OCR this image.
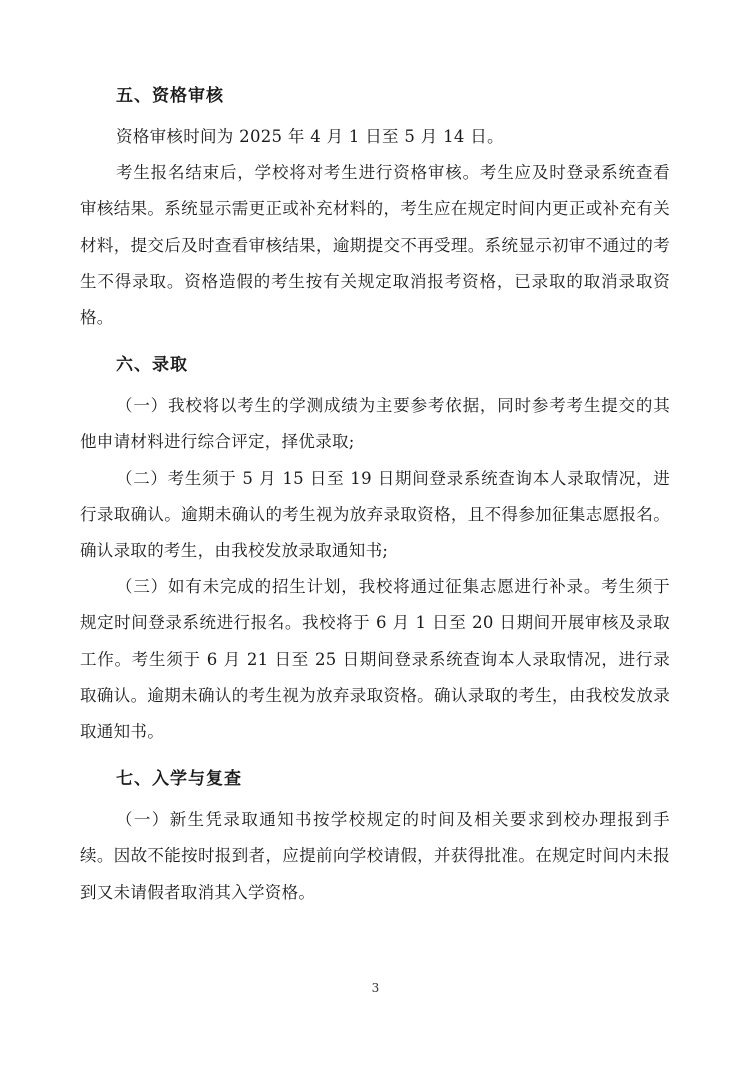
五、资格审核

资格审核时间为 2025 年 4 月 1 日至 5 月 14 日。

考生报名结束后，学校将对考生进行资格审核。考生应及时登录系统查看审核结果。系统显示需更正或补充材料的，考生应在规定时间内更正或补充有关材料，提交后及时查看审核结果，逾期提交不再受理。系统显示初审不通过的考生不得录取。资格造假的考生按有关规定取消报考资格，已录取的取消录取资格。

六、录取

（一）我校将以考生的学测成绩为主要参考依据，同时参考考生提交的其他申请材料进行综合评定，择优录取;

（二）考生须于 5 月 15 日至 19 日期间登录系统查询本人录取情况，进行录取确认。逾期未确认的考生视为放弃录取资格，且不得参加征集志愿报名。确认录取的考生，由我校发放录取通知书;

（三）如有未完成的招生计划，我校将通过征集志愿进行补录。考生须于规定时间登录系统进行报名。我校将于 6 月 1 日至 20 日期间开展审核及录取工作。考生须于 6 月 21 日至 25 日期间登录系统查询本人录取情况，进行录取确认。逾期未确认的考生视为放弃录取资格。确认录取的考生，由我校发放录取通知书。

七、入学与复查

（一）新生凭录取通知书按学校规定的时间及相关要求到校办理报到手续。因故不能按时报到者，应提前向学校请假，并获得批准。在规定时间内未报到又未请假者取消其入学资格。

3
